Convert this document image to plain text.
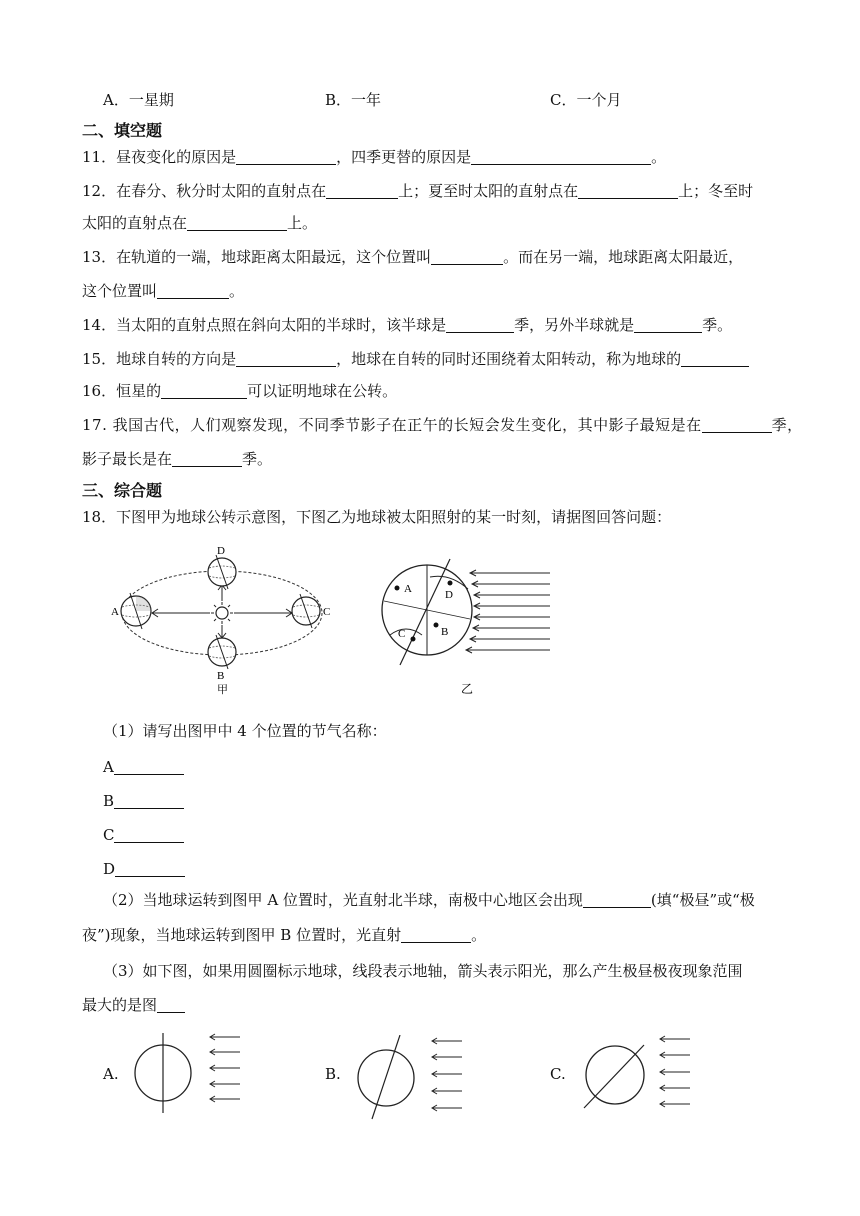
A．一星期	B．一年	C．一个月
二、填空题
11．昼夜变化的原因是	，四季更替的原因是	。
12．在春分、秋分时太阳的直射点在	上；夏至时太阳的直射点在	上；冬至时
太阳的直射点在	上。
13．在轨道的一端，地球距离太阳最远，这个位置叫	。而在另一端，地球距离太阳最近，
这个位置叫	。
14．当太阳的直射点照在斜向太阳的半球时，该半球是	季，另外半球就是	季。
15．地球自转的方向是	，地球在自转的同时还围绕着太阳转动，称为地球的
16．恒星的	可以证明地球在公转。
17. 我国古代，人们观察发现，不同季节影子在正午的长短会发生变化，其中影子最短是在	季，
影子最长是在	季。
三、综合题
18．下图甲为地球公转示意图，下图乙为地球被太阳照射的某一时刻，请据图回答问题：
A
D
C
B
甲
A	D
B
C
乙
（1）请写出图甲中 4 个位置的节气名称：
A
B
C
D
（2）当地球运转到图甲 A 位置时，光直射北半球，南极中心地区会出现	(填“极昼”或“极
夜”)现象，当地球运转到图甲 B 位置时，光直射	。
（3）如下图，如果用圆圈标示地球，线段表示地轴，箭头表示阳光，那么产生极昼极夜现象范围
最大的是图
A.	B.	C.
